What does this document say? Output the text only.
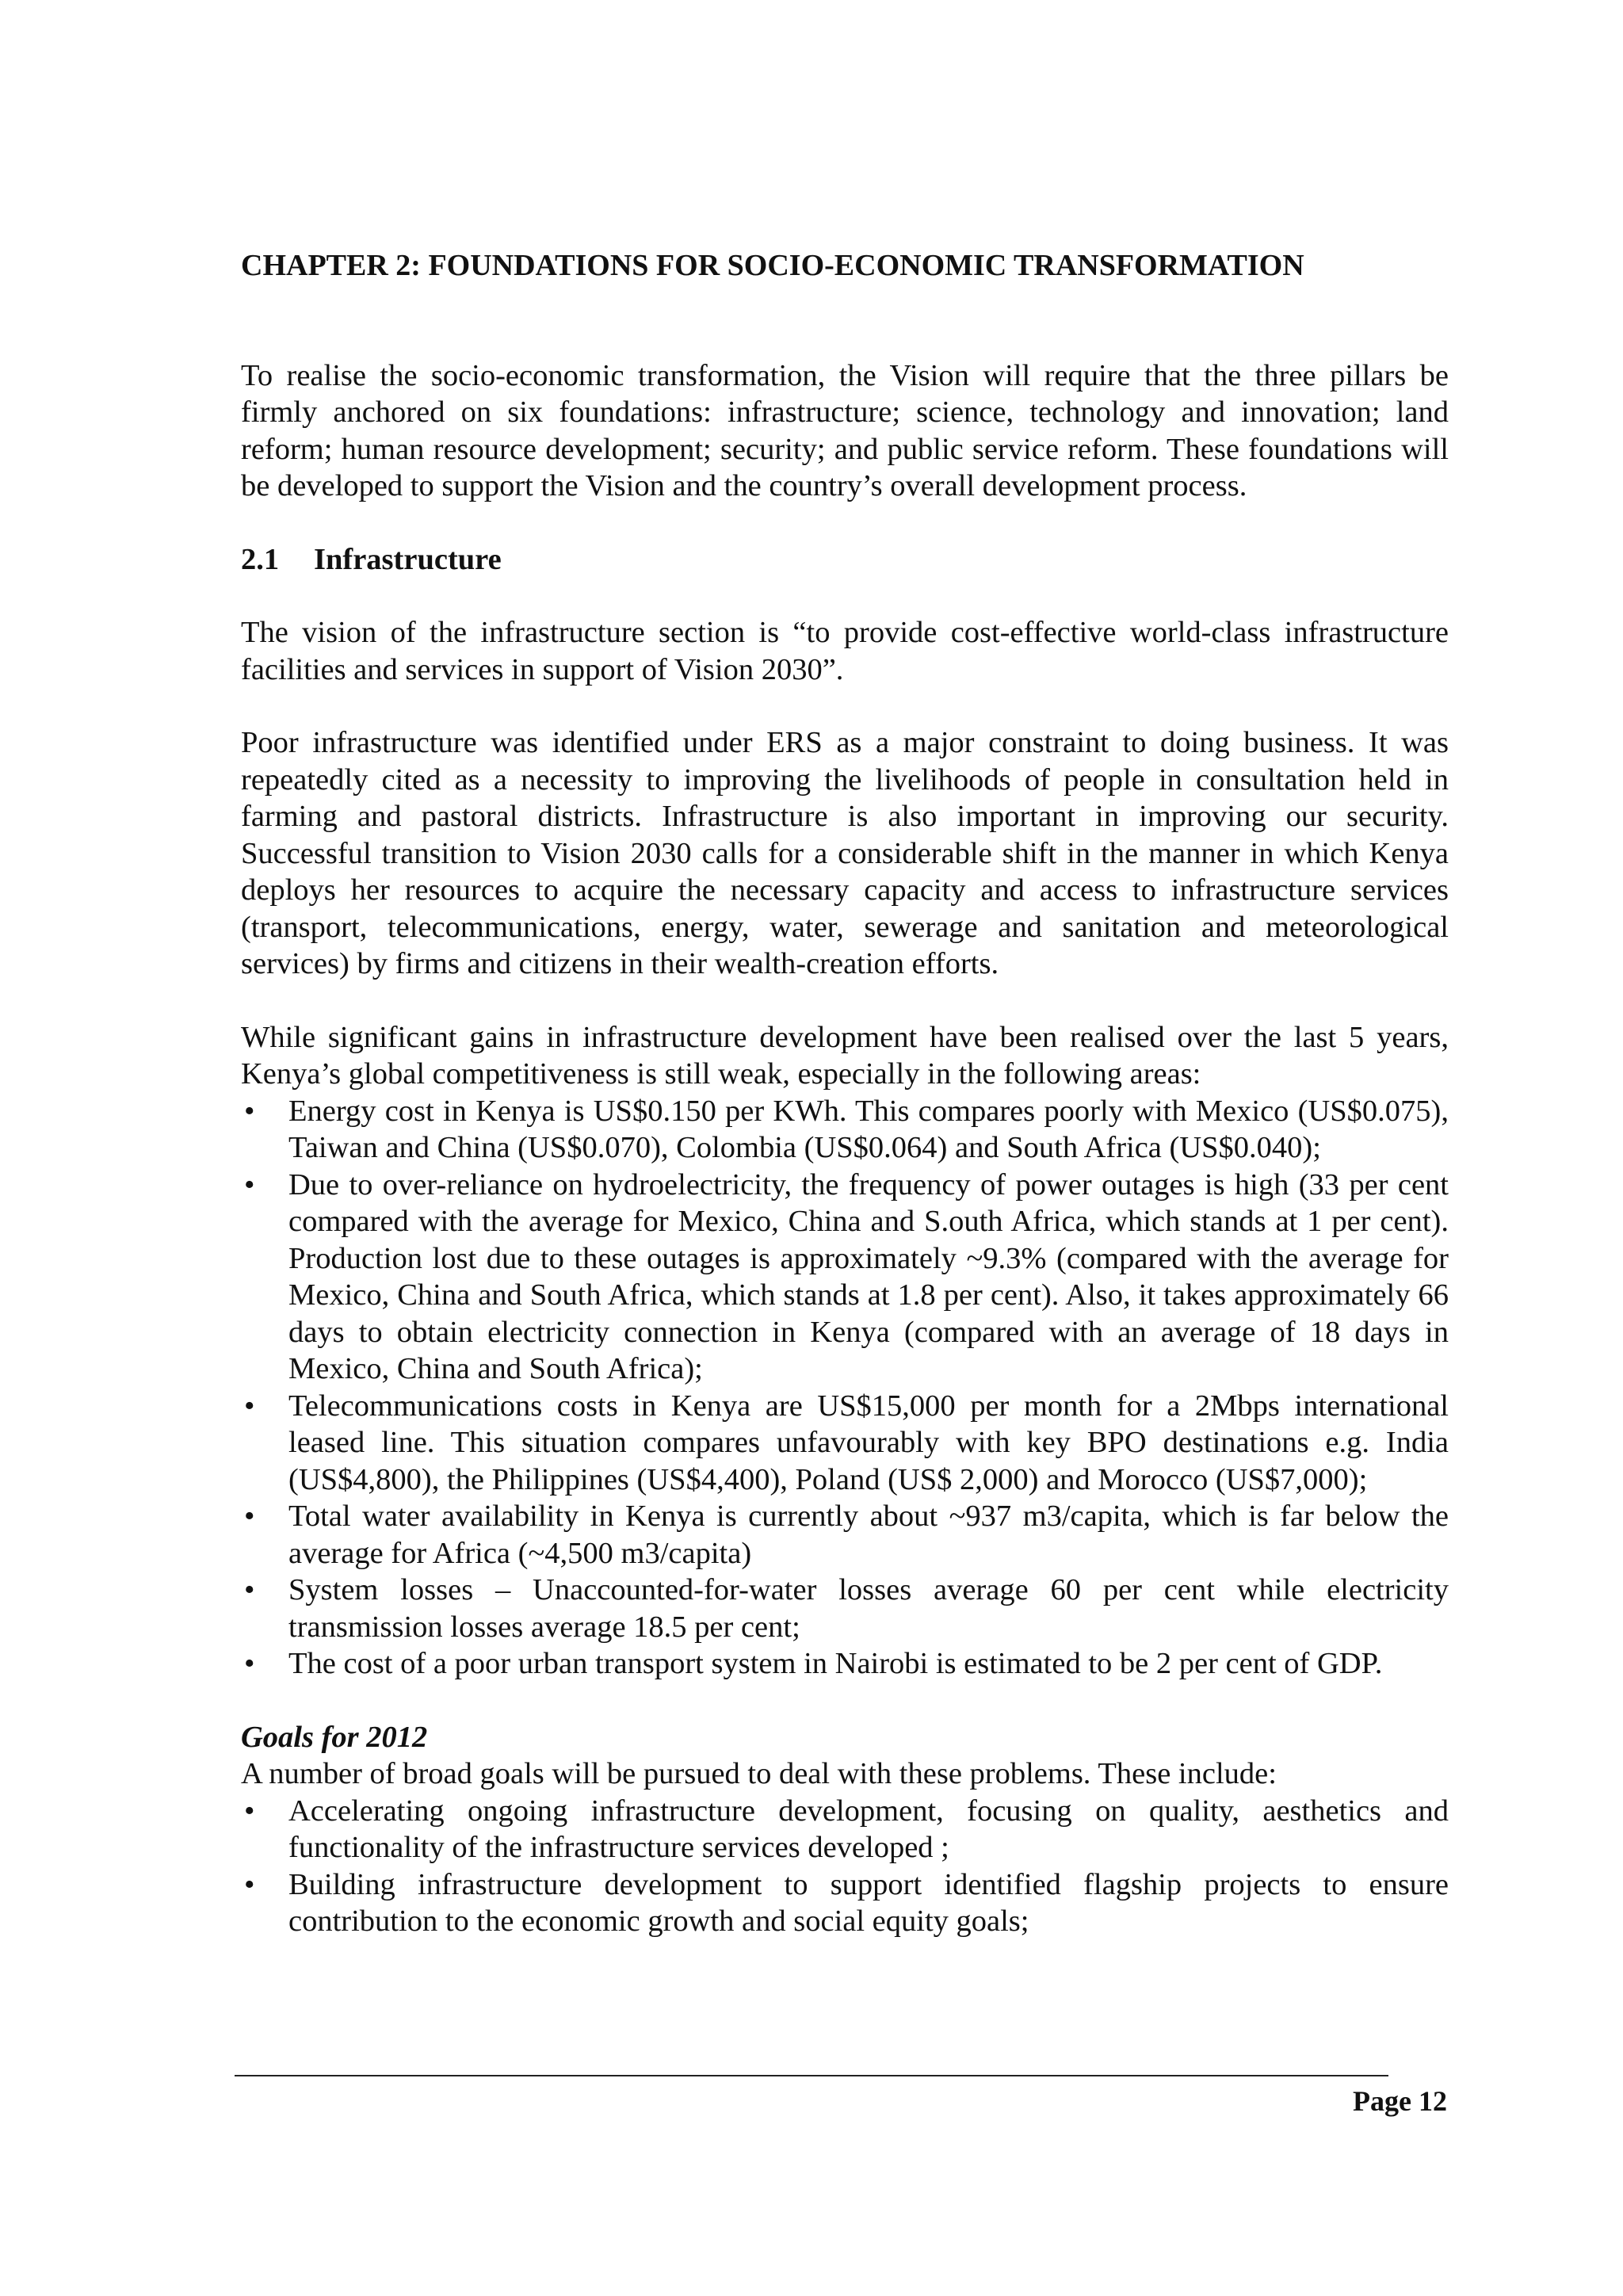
CHAPTER 2: FOUNDATIONS FOR SOCIO-ECONOMIC TRANSFORMATION

To realise the socio-economic transformation, the Vision will require that the three pillars be firmly anchored on six foundations: infrastructure; science, technology and innovation; land reform; human resource development; security; and public service reform. These foundations will be developed to support the Vision and the country’s overall development process.

2.1 Infrastructure

The vision of the infrastructure section is “to provide cost-effective world-class infrastructure facilities and services in support of Vision 2030”.

Poor infrastructure was identified under ERS as a major constraint to doing business. It was repeatedly cited as a necessity to improving the livelihoods of people in consultation held in farming and pastoral districts. Infrastructure is also important in improving our security. Successful transition to Vision 2030 calls for a considerable shift in the manner in which Kenya deploys her resources to acquire the necessary capacity and access to infrastructure services (transport, telecommunications, energy, water, sewerage and sanitation and meteorological services) by firms and citizens in their wealth-creation efforts.

While significant gains in infrastructure development have been realised over the last 5 years, Kenya’s global competitiveness is still weak, especially in the following areas:

• Energy cost in Kenya is US$0.150 per KWh. This compares poorly with Mexico (US$0.075), Taiwan and China (US$0.070), Colombia (US$0.064) and South Africa (US$0.040);
• Due to over-reliance on hydroelectricity, the frequency of power outages is high (33 per cent compared with the average for Mexico, China and S.outh Africa, which stands at 1 per cent). Production lost due to these outages is approximately ~9.3% (compared with the average for Mexico, China and South Africa, which stands at 1.8 per cent). Also, it takes approximately 66 days to obtain electricity connection in Kenya (compared with an average of 18 days in Mexico, China and South Africa);
• Telecommunications costs in Kenya are US$15,000 per month for a 2Mbps international leased line. This situation compares unfavourably with key BPO destinations e.g. India (US$4,800), the Philippines (US$4,400), Poland (US$ 2,000) and Morocco (US$7,000);
• Total water availability in Kenya is currently about ~937 m3/capita, which is far below the average for Africa (~4,500 m3/capita)
• System losses – Unaccounted-for-water losses average 60 per cent while electricity transmission losses average 18.5 per cent;
• The cost of a poor urban transport system in Nairobi is estimated to be 2 per cent of GDP.
Goals for 2012

A number of broad goals will be pursued to deal with these problems. These include:

• Accelerating ongoing infrastructure development, focusing on quality, aesthetics and functionality of the infrastructure services developed ;
• Building infrastructure development to support identified flagship projects to ensure contribution to the economic growth and social equity goals;
Page 12
